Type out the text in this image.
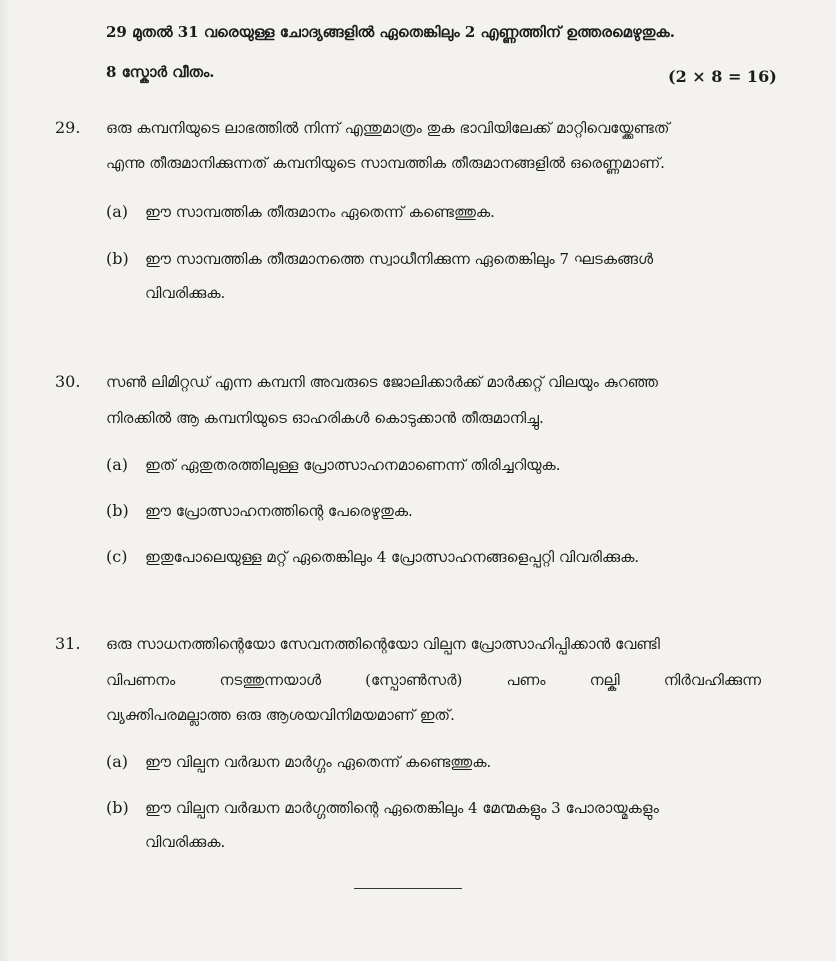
29 മുതൽ 31 വരെയുള്ള ചോദ്യങ്ങളിൽ ഏതെങ്കിലും 2 എണ്ണത്തിന് ഉത്തരമെഴുതുക.
8 സ്കോർ വീതം.	(2 × 8 = 16)
29. ഒരു കമ്പനിയുടെ ലാഭത്തിൽ നിന്ന് എന്തുമാത്രം തുക ഭാവിയിലേക്ക് മാറ്റിവെയ്ക്കേണ്ടത്
എന്നു തീരുമാനിക്കുന്നത് കമ്പനിയുടെ സാമ്പത്തിക തീരുമാനങ്ങളിൽ ഒരെണ്ണമാണ്.
(a) ഈ സാമ്പത്തിക തീരുമാനം ഏതെന്ന് കണ്ടെത്തുക.
(b) ഈ സാമ്പത്തിക തീരുമാനത്തെ സ്വാധീനിക്കുന്ന ഏതെങ്കിലും 7 ഘടകങ്ങൾ
വിവരിക്കുക.
30. സൺ ലിമിറ്റഡ് എന്ന കമ്പനി അവരുടെ ജോലിക്കാർക്ക് മാർക്കറ്റ് വിലയും കുറഞ്ഞ
നിരക്കിൽ ആ കമ്പനിയുടെ ഓഹരികൾ കൊടുക്കാൻ തീരുമാനിച്ചു.
(a) ഇത് ഏതുതരത്തിലുള്ള പ്രോത്സാഹനമാണെന്ന് തിരിച്ചറിയുക.
(b) ഈ പ്രോത്സാഹനത്തിന്റെ പേരെഴുതുക.
(c) ഇതുപോലെയുള്ള മറ്റ് ഏതെങ്കിലും 4 പ്രോത്സാഹനങ്ങളെപ്പറ്റി വിവരിക്കുക.
31. ഒരു സാധനത്തിന്റെയോ സേവനത്തിന്റെയോ വില്പന പ്രോത്സാഹിപ്പിക്കാൻ വേണ്ടി
വിപണനം നടത്തുന്നയാൾ (സ്പോൺസർ) പണം നല്കി നിർവഹിക്കുന്ന
വ്യക്തിപരമല്ലാത്ത ഒരു ആശയവിനിമയമാണ് ഇത്.
(a) ഈ വില്പന വർദ്ധന മാർഗ്ഗം ഏതെന്ന് കണ്ടെത്തുക.
(b) ഈ വില്പന വർദ്ധന മാർഗ്ഗത്തിന്റെ ഏതെങ്കിലും 4 മേന്മകളും 3 പോരായ്മകളും
വിവരിക്കുക.
